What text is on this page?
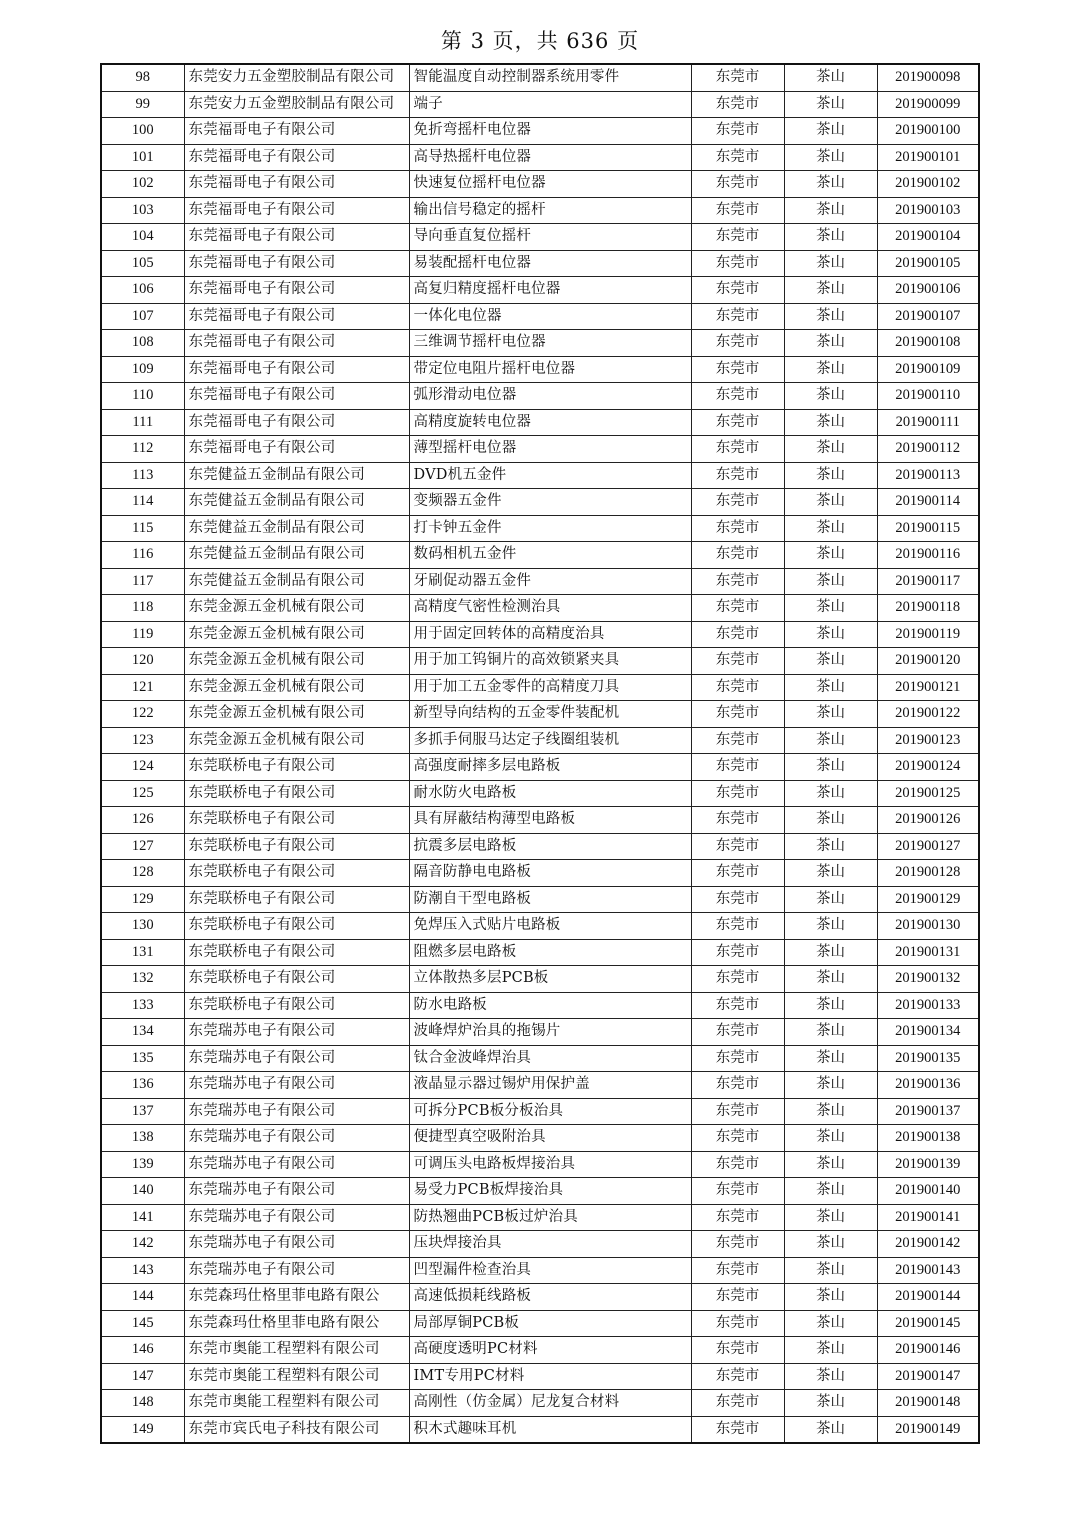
第 3 页，共 636 页
98	东莞安力五金塑胶制品有限公司	智能温度自动控制器系统用零件	东莞市	茶山	201900098
99	东莞安力五金塑胶制品有限公司	端子	东莞市	茶山	201900099
100	东莞福哥电子有限公司	免折弯摇杆电位器	东莞市	茶山	201900100
101	东莞福哥电子有限公司	高导热摇杆电位器	东莞市	茶山	201900101
102	东莞福哥电子有限公司	快速复位摇杆电位器	东莞市	茶山	201900102
103	东莞福哥电子有限公司	输出信号稳定的摇杆	东莞市	茶山	201900103
104	东莞福哥电子有限公司	导向垂直复位摇杆	东莞市	茶山	201900104
105	东莞福哥电子有限公司	易装配摇杆电位器	东莞市	茶山	201900105
106	东莞福哥电子有限公司	高复归精度摇杆电位器	东莞市	茶山	201900106
107	东莞福哥电子有限公司	一体化电位器	东莞市	茶山	201900107
108	东莞福哥电子有限公司	三维调节摇杆电位器	东莞市	茶山	201900108
109	东莞福哥电子有限公司	带定位电阻片摇杆电位器	东莞市	茶山	201900109
110	东莞福哥电子有限公司	弧形滑动电位器	东莞市	茶山	201900110
111	东莞福哥电子有限公司	高精度旋转电位器	东莞市	茶山	201900111
112	东莞福哥电子有限公司	薄型摇杆电位器	东莞市	茶山	201900112
113	东莞健益五金制品有限公司	DVD机五金件	东莞市	茶山	201900113
114	东莞健益五金制品有限公司	变频器五金件	东莞市	茶山	201900114
115	东莞健益五金制品有限公司	打卡钟五金件	东莞市	茶山	201900115
116	东莞健益五金制品有限公司	数码相机五金件	东莞市	茶山	201900116
117	东莞健益五金制品有限公司	牙刷促动器五金件	东莞市	茶山	201900117
118	东莞金源五金机械有限公司	高精度气密性检测治具	东莞市	茶山	201900118
119	东莞金源五金机械有限公司	用于固定回转体的高精度治具	东莞市	茶山	201900119
120	东莞金源五金机械有限公司	用于加工钨铜片的高效锁紧夹具	东莞市	茶山	201900120
121	东莞金源五金机械有限公司	用于加工五金零件的高精度刀具	东莞市	茶山	201900121
122	东莞金源五金机械有限公司	新型导向结构的五金零件装配机	东莞市	茶山	201900122
123	东莞金源五金机械有限公司	多抓手伺服马达定子线圈组装机	东莞市	茶山	201900123
124	东莞联桥电子有限公司	高强度耐摔多层电路板	东莞市	茶山	201900124
125	东莞联桥电子有限公司	耐水防火电路板	东莞市	茶山	201900125
126	东莞联桥电子有限公司	具有屏蔽结构薄型电路板	东莞市	茶山	201900126
127	东莞联桥电子有限公司	抗震多层电路板	东莞市	茶山	201900127
128	东莞联桥电子有限公司	隔音防静电电路板	东莞市	茶山	201900128
129	东莞联桥电子有限公司	防潮自干型电路板	东莞市	茶山	201900129
130	东莞联桥电子有限公司	免焊压入式贴片电路板	东莞市	茶山	201900130
131	东莞联桥电子有限公司	阻燃多层电路板	东莞市	茶山	201900131
132	东莞联桥电子有限公司	立体散热多层PCB板	东莞市	茶山	201900132
133	东莞联桥电子有限公司	防水电路板	东莞市	茶山	201900133
134	东莞瑞苏电子有限公司	波峰焊炉治具的拖锡片	东莞市	茶山	201900134
135	东莞瑞苏电子有限公司	钛合金波峰焊治具	东莞市	茶山	201900135
136	东莞瑞苏电子有限公司	液晶显示器过锡炉用保护盖	东莞市	茶山	201900136
137	东莞瑞苏电子有限公司	可拆分PCB板分板治具	东莞市	茶山	201900137
138	东莞瑞苏电子有限公司	便捷型真空吸附治具	东莞市	茶山	201900138
139	东莞瑞苏电子有限公司	可调压头电路板焊接治具	东莞市	茶山	201900139
140	东莞瑞苏电子有限公司	易受力PCB板焊接治具	东莞市	茶山	201900140
141	东莞瑞苏电子有限公司	防热翘曲PCB板过炉治具	东莞市	茶山	201900141
142	东莞瑞苏电子有限公司	压块焊接治具	东莞市	茶山	201900142
143	东莞瑞苏电子有限公司	凹型漏件检查治具	东莞市	茶山	201900143
144	东莞森玛仕格里菲电路有限公	高速低损耗线路板	东莞市	茶山	201900144
145	东莞森玛仕格里菲电路有限公	局部厚铜PCB板	东莞市	茶山	201900145
146	东莞市奥能工程塑料有限公司	高硬度透明PC材料	东莞市	茶山	201900146
147	东莞市奥能工程塑料有限公司	IMT专用PC材料	东莞市	茶山	201900147
148	东莞市奥能工程塑料有限公司	高刚性（仿金属）尼龙复合材料	东莞市	茶山	201900148
149	东莞市宾氏电子科技有限公司	积木式趣味耳机	东莞市	茶山	201900149
